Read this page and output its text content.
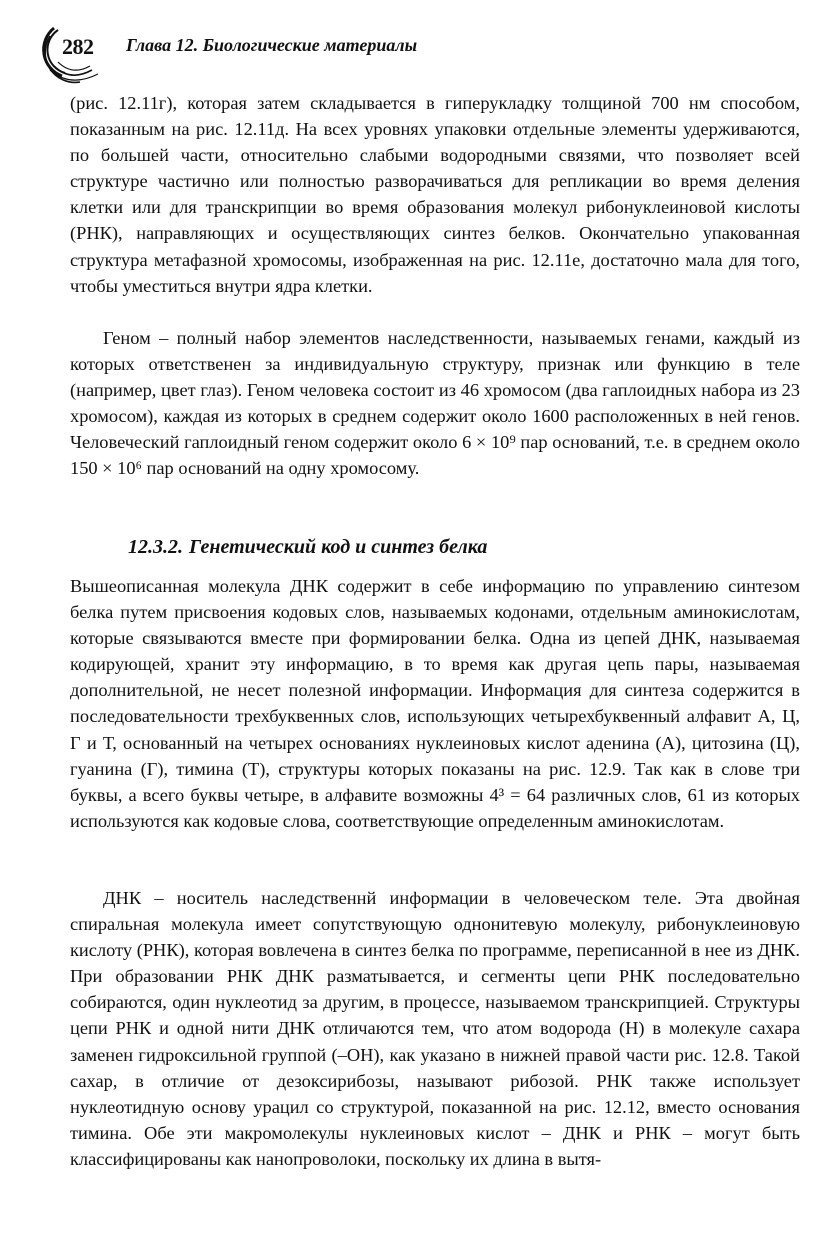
282 Глава 12. Биологические материалы

(рис. 12.11г), которая затем складывается в гиперукладку толщиной 700 нм способом, показанным на рис. 12.11д. На всех уровнях упаковки отдельные элементы удерживаются, по большей части, относительно слабыми водородными связями, что позволяет всей структуре частично или полностью разворачиваться для репликации во время деления клетки или для транскрипции во время образования молекул рибонуклеиновой кислоты (РНК), направляющих и осуществляющих синтез белков. Окончательно упакованная структура метафазной хромосомы, изображенная на рис. 12.11е, достаточно мала для того, чтобы уместиться внутри ядра клетки.

Геном – полный набор элементов наследственности, называемых генами, каждый из которых ответственен за индивидуальную структуру, признак или функцию в теле (например, цвет глаз). Геном человека состоит из 46 хромосом (два гаплоидных набора из 23 хромосом), каждая из которых в среднем содержит около 1600 расположенных в ней генов. Человеческий гаплоидный геном содержит около 6 × 10⁹ пар оснований, т.е. в среднем около 150 × 10⁶ пар оснований на одну хромосому.

12.3.2. Генетический код и синтез белка

Вышеописанная молекула ДНК содержит в себе информацию по управлению синтезом белка путем присвоения кодовых слов, называемых кодонами, отдельным аминокислотам, которые связываются вместе при формировании белка. Одна из цепей ДНК, называемая кодирующей, хранит эту информацию, в то время как другая цепь пары, называемая дополнительной, не несет полезной информации. Информация для синтеза содержится в последовательности трехбуквенных слов, использующих четырехбуквенный алфавит А, Ц, Г и Т, основанный на четырех основаниях нуклеиновых кислот аденина (А), цитозина (Ц), гуанина (Г), тимина (Т), структуры которых показаны на рис. 12.9. Так как в слове три буквы, а всего буквы четыре, в алфавите возможны 4³ = 64 различных слов, 61 из которых используются как кодовые слова, соответствующие определенным аминокислотам.

ДНК – носитель наследственнй информации в человеческом теле. Эта двойная спиральная молекула имеет сопутствующую однонитевую молекулу, рибонуклеиновую кислоту (РНК), которая вовлечена в синтез белка по программе, переписанной в нее из ДНК. При образовании РНК ДНК разматывается, и сегменты цепи РНК последовательно собираются, один нуклеотид за другим, в процессе, называемом транскрипцией. Структуры цепи РНК и одной нити ДНК отличаются тем, что атом водорода (Н) в молекуле сахара заменен гидроксильной группой (–ОН), как указано в нижней правой части рис. 12.8. Такой сахар, в отличие от дезоксирибозы, называют рибозой. РНК также использует нуклеотидную основу урацил со структурой, показанной на рис. 12.12, вместо основания тимина. Обе эти макромолекулы нуклеиновых кислот – ДНК и РНК – могут быть классифицированы как нанопроволоки, поскольку их длина в вытя-
